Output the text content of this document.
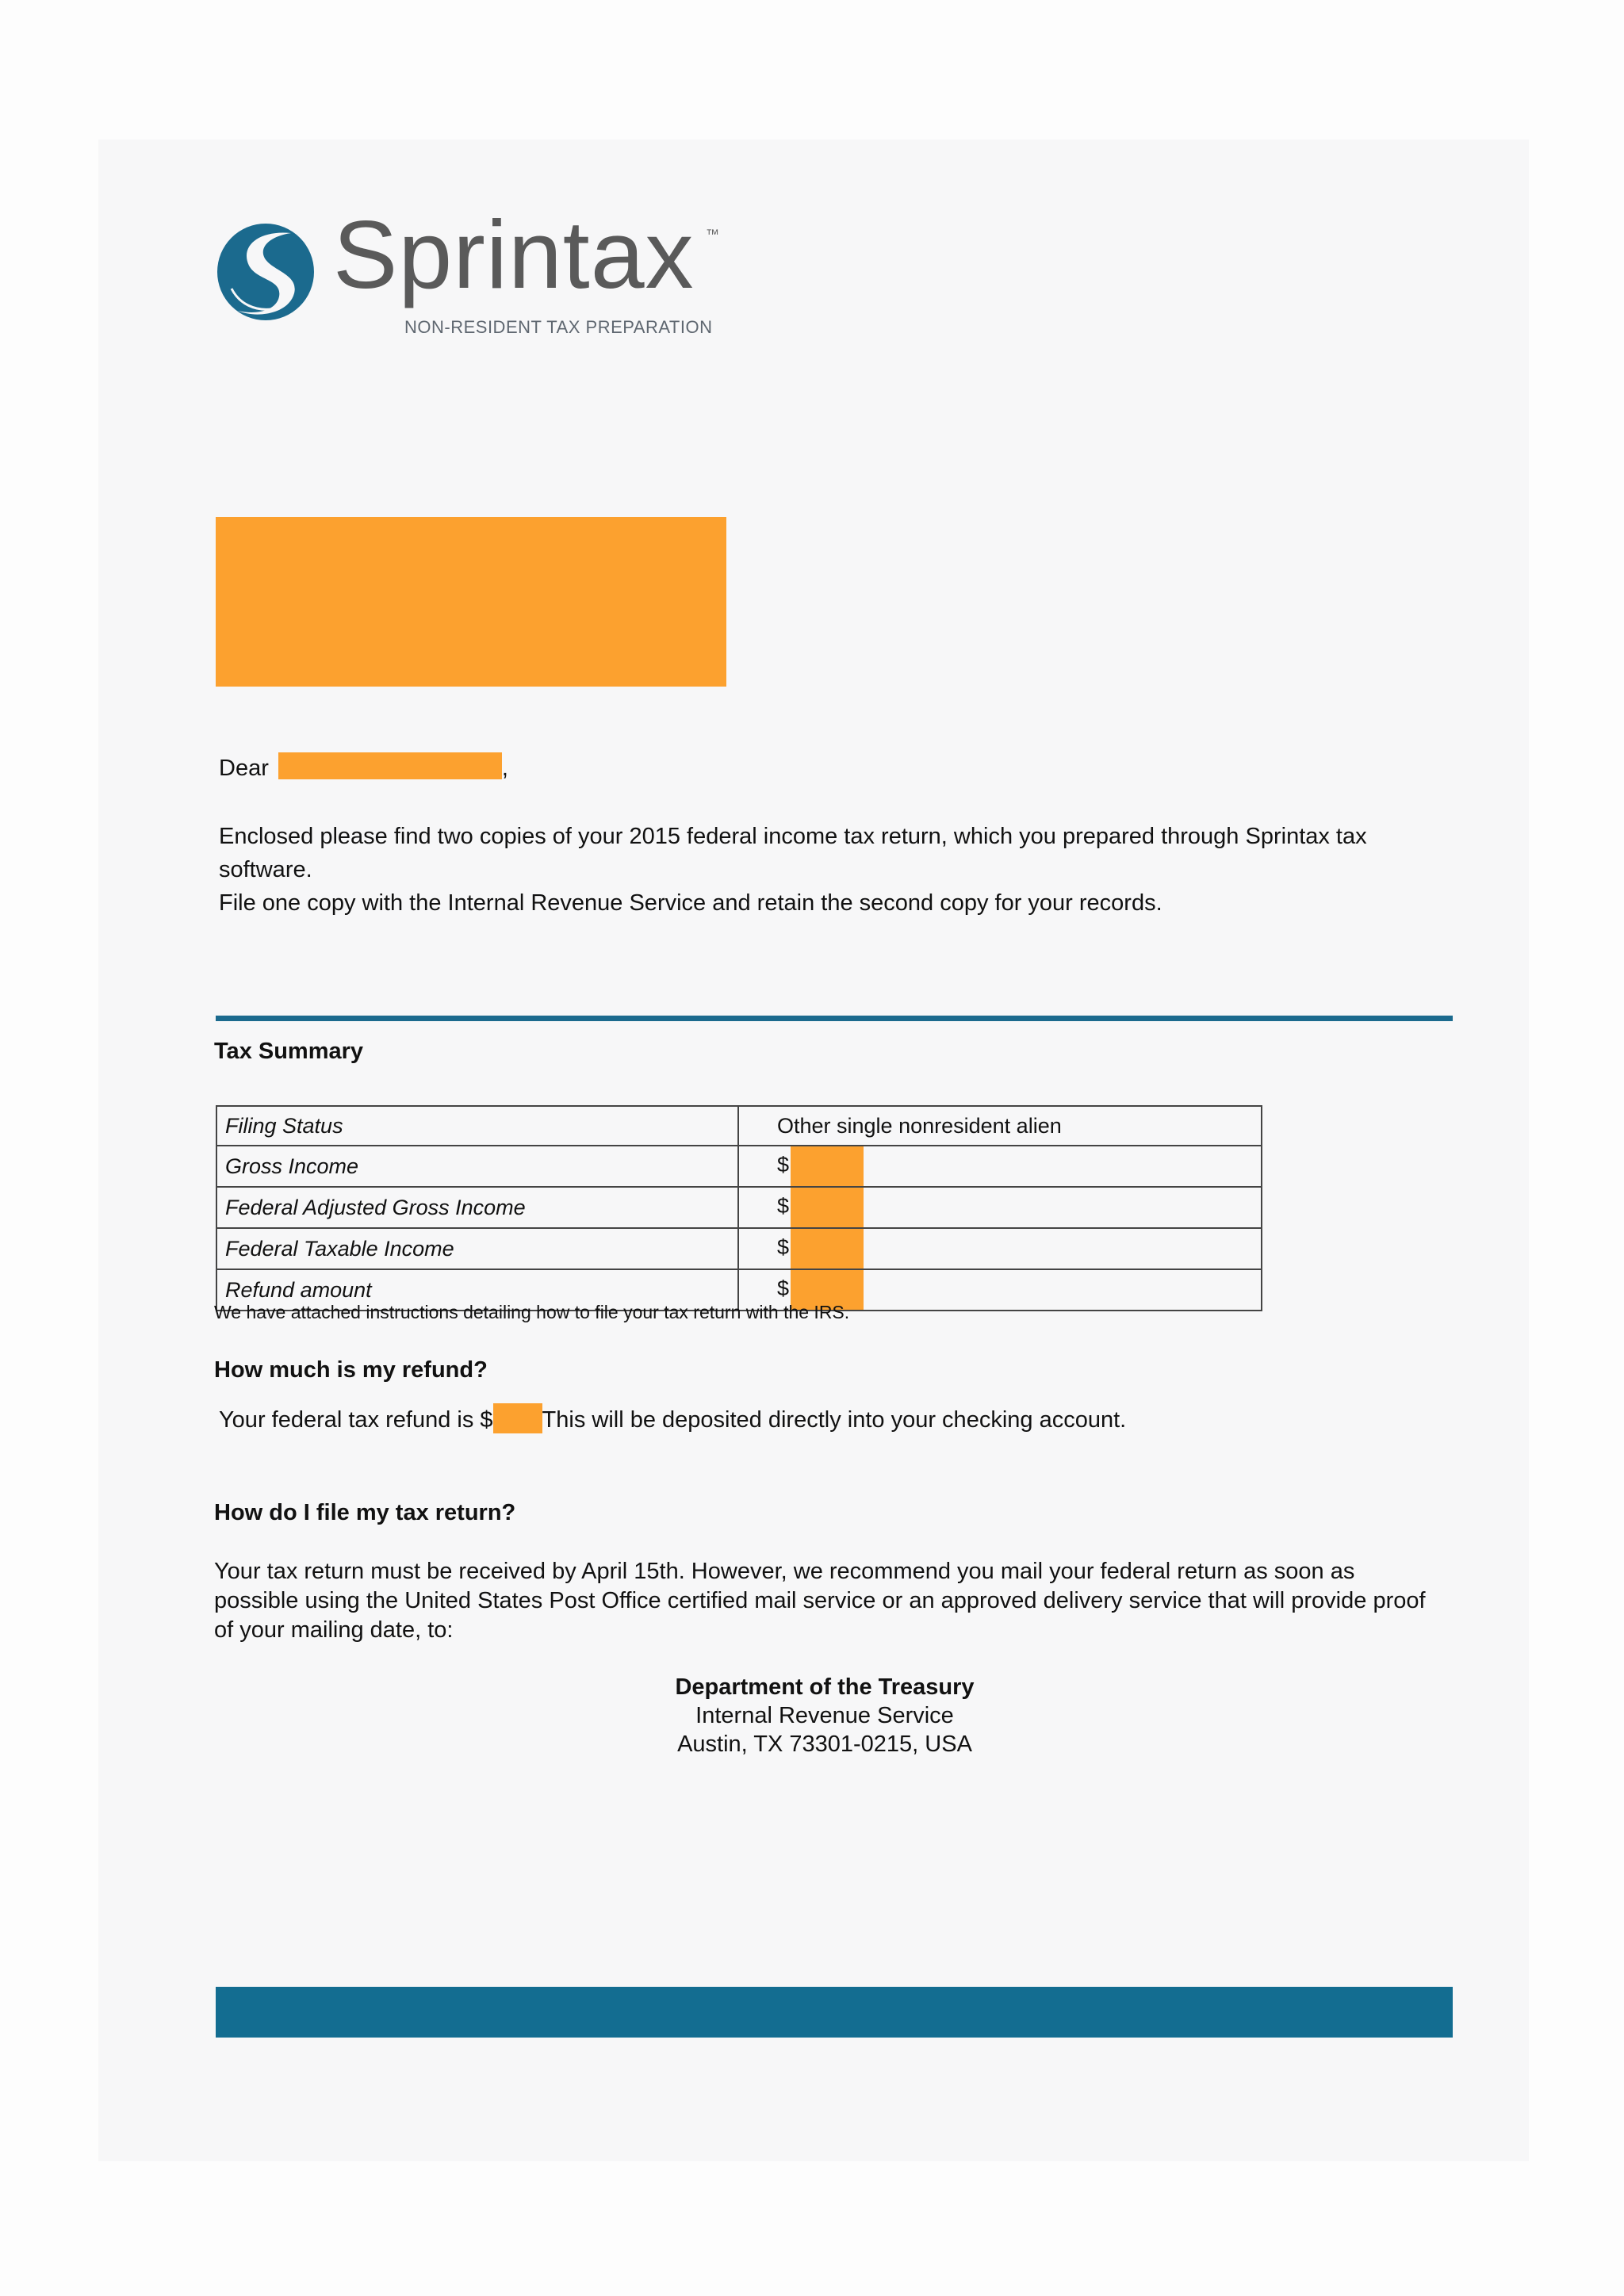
Sprintax ™
NON-RESIDENT TAX PREPARATION
Dear	,
Enclosed please find two copies of your 2015 federal income tax return, which you prepared through Sprintax tax software.
File one copy with the Internal Revenue Service and retain the second copy for your records.
Tax Summary
Filing Status	Other single nonresident alien
Gross Income	$
Federal Adjusted Gross Income	$
Federal Taxable Income	$
Refund amount	$
We have attached instructions detailing how to file your tax return with the IRS.
How much is my refund?
Your federal tax refund is $ This will be deposited directly into your checking account.
How do I file my tax return?
Your tax return must be received by April 15th. However, we recommend you mail your federal return as soon as possible using the United States Post Office certified mail service or an approved delivery service that will provide proof of your mailing date, to:
Department of the Treasury
Internal Revenue Service
Austin, TX 73301-0215, USA
